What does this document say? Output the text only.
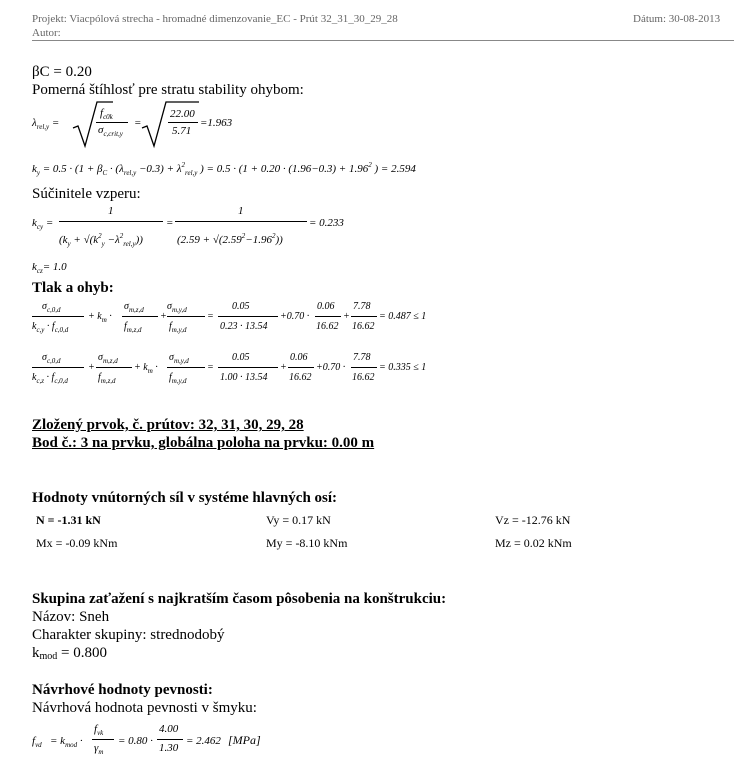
Projekt: Viacpólová strecha - hromadné dimenzovanie_EC - Prút 32_31_30_29_28	Dátum: 30-08-2013
Autor:
βC = 0.20
Pomerná štíhlosť pre stratu stability ohybom:
$\lambda_{rel,y}$ =
$f_{c0k}$
$\sigma_{c,crit,y}$
=
22.00
5.71
=1.963
$k_y = 0.5 \cdot (1 + \beta_C \cdot (\lambda_{rel,y} -0.3) + \lambda^2_{rel,y}$ ) = $0.5 \cdot (1 + 0.20 \cdot (1.96-0.3) + 1.96^2$ ) = 2.594
Súčinitele vzperu:
$k_{cy}$ =
1
$(k_y + √(k^2_y -\lambda^2_{rel,y}))$
=
1
$(2.59 + √(2.59^2-1.96^2))$
= 0.233
$k_{cz}= 1.0$
Tlak a ohyb:
$\sigma_{c,0,d}$
$k_{c,y} \cdot f_{c,0,d}$
+ $k_m$ ·
$\sigma_{m,z,d}$
$f_{m,z,d}$
+
$\sigma_{m,y,d}$
$f_{m,y,d}$
=
0.05
0.23 · 13.54
+0.70 ·
0.06
16.62
+
7.78
16.62
= 0.487 ≤ 1
$\sigma_{c,0,d}$
$k_{c,z} \cdot f_{c,0,d}$
+
$\sigma_{m,z,d}$
$f_{m,z,d}$
+ $k_m$ ·
$\sigma_{m,y,d}$
$f_{m,y,d}$
=
0.05
1.00 · 13.54
+
0.06
16.62
+0.70 ·
7.78
16.62
= 0.335 ≤ 1
Zložený prvok, č. prútov: 32, 31, 30, 29, 28
Bod č.: 3 na prvku, globálna poloha na prvku: 0.00 m
Hodnoty vnútorných síl v systéme hlavných osí:
N = -1.31 kN	Vy = 0.17 kN	Vz = -12.76 kN
Mx = -0.09 kNm	My = -8.10 kNm	Mz = 0.02 kNm
Skupina zaťažení s najkratším časom pôsobenia na konštrukciu:
Názov: Sneh
Charakter skupiny: strednodobý
kmod = 0.800
Návrhové hodnoty pevnosti:
Návrhová hodnota pevnosti v šmyku:
$f_{vd} = k_{mod}$ ·
$f_{vk}$
$\gamma_m$
= 0.80 ·
4.00
1.30
= 2.462 [MPa]
